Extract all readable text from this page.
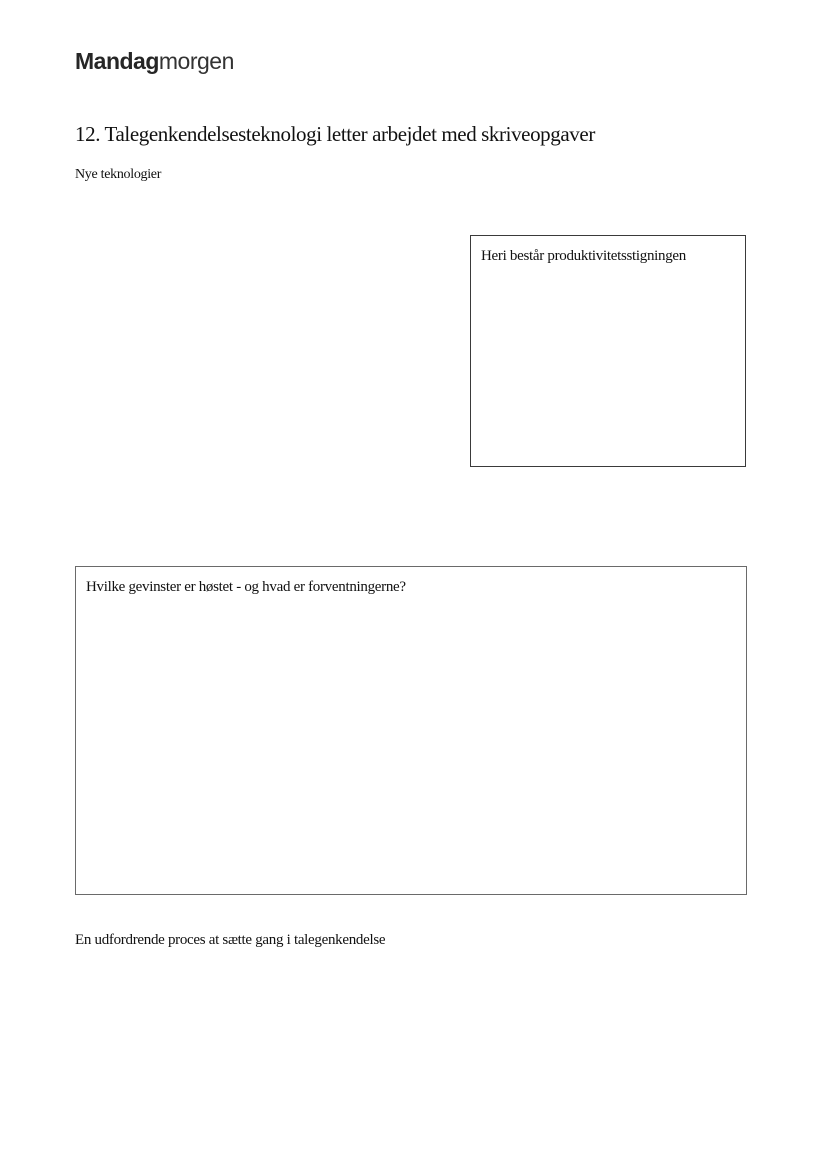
Mandagmorgen
12. Talegenkendelsesteknologi letter arbejdet med skriveopgaver
Nye teknologier
Heri består produktivitetsstigningen
Hvilke gevinster er høstet - og hvad er forventningerne?
En udfordrende proces at sætte gang i talegenkendelse
